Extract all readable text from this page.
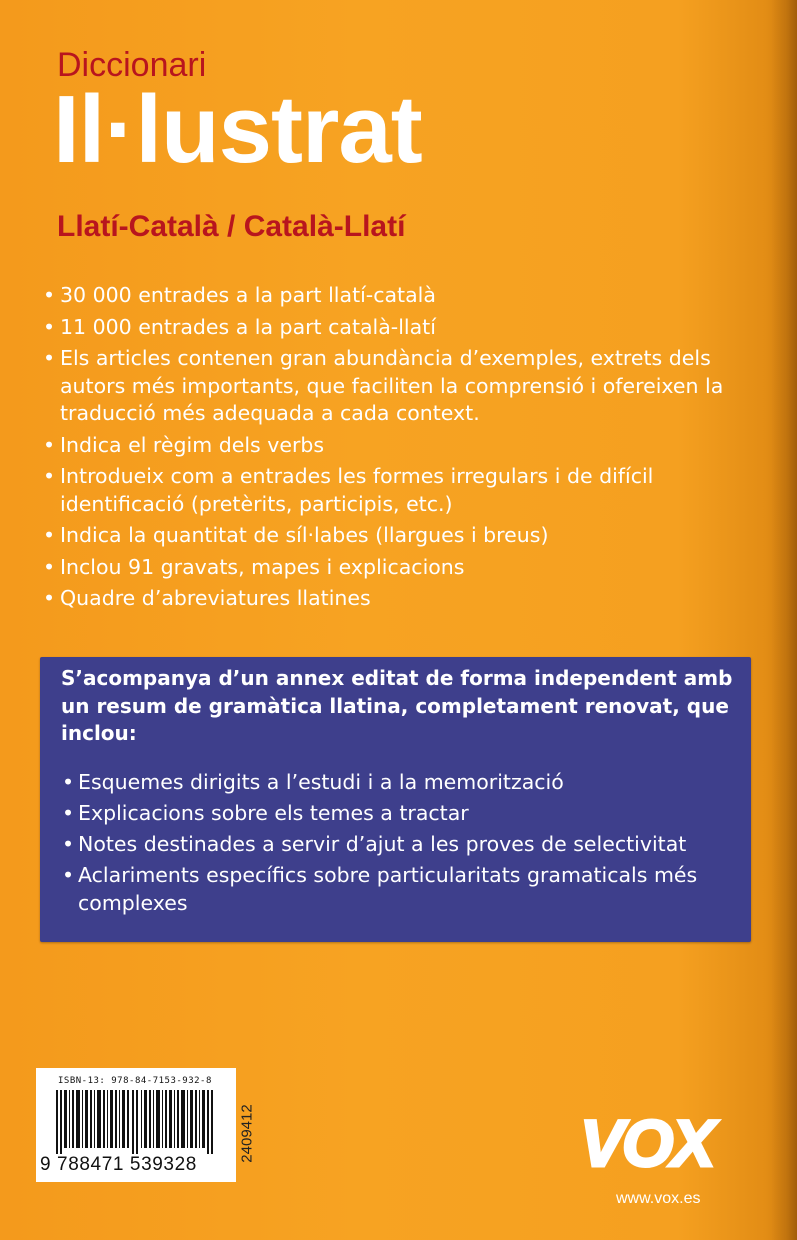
Diccionari
Il·lustrat
Llatí-Català / Català-Llatí
• 30 000 entrades a la part llatí-català
• 11 000 entrades a la part català-llatí
• Els articles contenen gran abundància d’exemples, extrets dels autors més importants, que faciliten la comprensió i ofereixen la traducció més adequada a cada context.
• Indica el règim dels verbs
• Introdueix com a entrades les formes irregulars i de difícil identificació (pretèrits, participis, etc.)
• Indica la quantitat de síl·labes (llargues i breus)
• Inclou 91 gravats, mapes i explicacions
• Quadre d’abreviatures llatines
S’acompanya d’un annex editat de forma independent amb un resum de gramàtica llatina, completament renovat, que inclou:
• Esquemes dirigits a l’estudi i a la memorització
• Explicacions sobre els temes a tractar
• Notes destinades a servir d’ajut a les proves de selectivitat
• Aclariments específics sobre particularitats gramaticals més complexes
ISBN-13: 978-84-7153-932-8
9 788471 539328
2409412	VOX
www.vox.es
